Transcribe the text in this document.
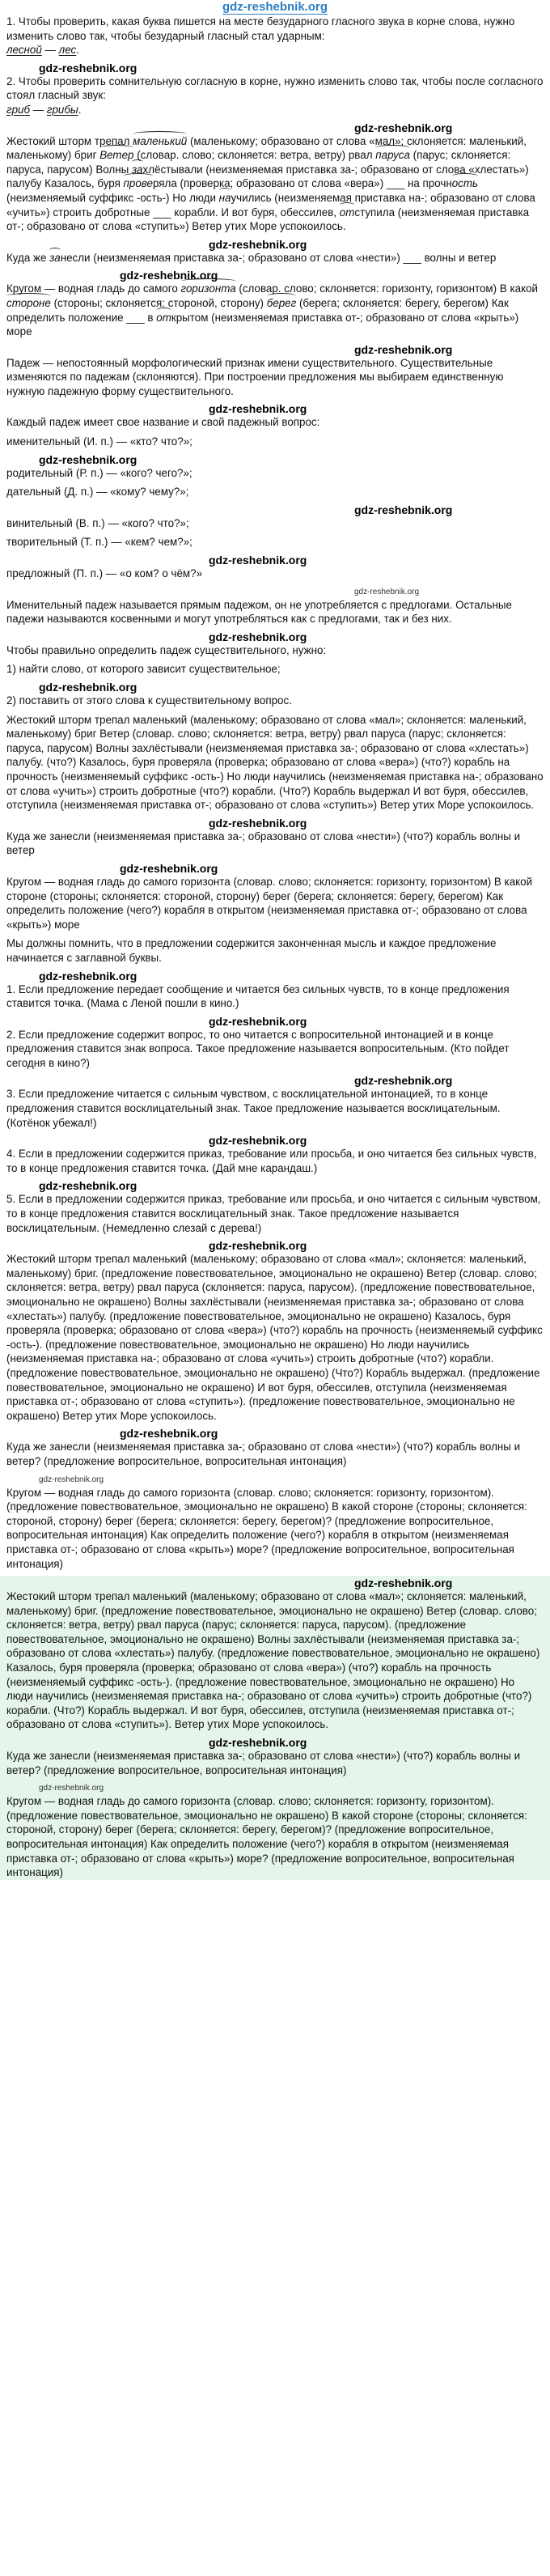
gdz-reshebnik.org
1. Чтобы проверить, какая буква пишется на месте безударного гласного звука в корне слова, нужно изменить слово так, чтобы безударный гласный стал ударным:
лесной — лес.
gdz-reshebnik.org
2. Чтобы проверить сомнительную согласную в корне, нужно изменить слово так, чтобы после согласного стоял гласный звук:
гриб — грибы.
gdz-reshebnik.org
Жестокий шторм трепал маленький (маленькому; образовано от слова «мал»; склоняется: маленький, маленькому) бриг Ветер (словар. слово; склоняется: ветра, ветру) рвал паруса (парус; склоняется: паруса, парусом) Волны захлёстывали (неизменяемая приставка за-; образовано от слова «хлестать») палубу Казалось, буря проверяла (проверка; образовано от слова «вера») ___ на прочность (неизменяемый суффикс -ость-) Но люди научились (неизменяемая приставка на-; образовано от слова «учить») строить добротные ___ корабли. И вот буря, обессилев, отступила (неизменяемая приставка от-; образовано от слова «ступить») Ветер утих Море успокоилось.
gdz-reshebnik.org
Куда же занесли (неизменяемая приставка за-; образовано от слова «нести») ___ волны и ветер
gdz-reshebnik.org
Кругом — водная гладь до самого горизонта (словар. слово; склоняется: горизонту, горизонтом) В какой стороне (стороны; склоняется: стороной, сторону) берег (берега; склоняется: берегу, берегом) Как определить положение ___ в открытом (неизменяемая приставка от-; образовано от слова «крыть») море
gdz-reshebnik.org
Падеж — непостоянный морфологический признак имени существительного. Существительные изменяются по падежам (склоняются). При построении предложения мы выбираем единственную нужную падежную форму существительного.
gdz-reshebnik.org
Каждый падеж имеет свое название и свой падежный вопрос:
именительный (И. п.) — «кто? что?»;
gdz-reshebnik.org
родительный (Р. п.) — «кого? чего?»;
дательный (Д. п.) — «кому? чему?»;
gdz-reshebnik.org
винительный (В. п.) — «кого? что?»;
творительный (Т. п.) — «кем? чем?»;
gdz-reshebnik.org
предложный (П. п.) — «о ком? о чём?»
gdz-reshebnik.org
Именительный падеж называется прямым падежом, он не употребляется с предлогами. Остальные падежи называются косвенными и могут употребляться как с предлогами, так и без них.
gdz-reshebnik.org
Чтобы правильно определить падеж существительного, нужно:
1) найти слово, от которого зависит существительное;
gdz-reshebnik.org
2) поставить от этого слова к существительному вопрос.
Жестокий шторм трепал маленький (маленькому; образовано от слова «мал»; склоняется: маленький, маленькому) бриг Ветер (словар. слово; склоняется: ветра, ветру) рвал паруса (парус; склоняется: паруса, парусом) Волны захлёстывали (неизменяемая приставка за-; образовано от слова «хлестать») палубу. (что?) Казалось, буря проверяла (проверка; образовано от слова «вера») (что?) корабль на прочность (неизменяемый суффикс -ость-) Но люди научились (неизменяемая приставка на-; образовано от слова «учить») строить добротные (что?) корабли. (Что?) Корабль выдержал И вот буря, обессилев, отступила (неизменяемая приставка от-; образовано от слова «ступить») Ветер утих Море успокоилось.
gdz-reshebnik.org
Куда же занесли (неизменяемая приставка за-; образовано от слова «нести») (что?) корабль волны и ветер
gdz-reshebnik.org
Кругом — водная гладь до самого горизонта (словар. слово; склоняется: горизонту, горизонтом) В какой стороне (стороны; склоняется: стороной, сторону) берег (берега; склоняется: берегу, берегом) Как определить положение (чего?) корабля в открытом (неизменяемая приставка от-; образовано от слова «крыть») море
Мы должны помнить, что в предложении содержится законченная мысль и каждое предложение начинается с заглавной буквы.
gdz-reshebnik.org
1. Если предложение передает сообщение и читается без сильных чувств, то в конце предложения ставится точка. (Мама с Леной пошли в кино.)
gdz-reshebnik.org
2. Если предложение содержит вопрос, то оно читается с вопросительной интонацией и в конце предложения ставится знак вопроса. Такое предложение называется вопросительным. (Кто пойдет сегодня в кино?)
gdz-reshebnik.org
3. Если предложение читается с сильным чувством, с восклицательной интонацией, то в конце предложения ставится восклицательный знак. Такое предложение называется восклицательным. (Котёнок убежал!)
gdz-reshebnik.org
4. Если в предложении содержится приказ, требование или просьба, и оно читается без сильных чувств, то в конце предложения ставится точка. (Дай мне карандаш.)
gdz-reshebnik.org
5. Если в предложении содержится приказ, требование или просьба, и оно читается с сильным чувством, то в конце предложения ставится восклицательный знак. Такое предложение называется восклицательным. (Немедленно слезай с дерева!)
gdz-reshebnik.org
Жестокий шторм трепал маленький (маленькому; образовано от слова «мал»; склоняется: маленький, маленькому) бриг. (предложение повествовательное, эмоционально не окрашено) Ветер (словар. слово; склоняется: ветра, ветру) рвал паруса (склоняется: паруса, парусом). (предложение повествовательное, эмоционально не окрашено) Волны захлёстывали (неизменяемая приставка за-; образовано от слова «хлестать») палубу. (предложение повествовательное, эмоционально не окрашено) Казалось, буря проверяла (проверка; образовано от слова «вера») (что?) корабль на прочность (неизменяемый суффикс -ость-). (предложение повествовательное, эмоционально не окрашено) Но люди научились (неизменяемая приставка на-; образовано от слова «учить») строить добротные (что?) корабли. (предложение повествовательное, эмоционально не окрашено) (Что?) Корабль выдержал. (предложение повествовательное, эмоционально не окрашено) И вот буря, обессилев, отступила (неизменяемая приставка от-; образовано от слова «ступить»). (предложение повествовательное, эмоционально не окрашено) Ветер утих Море успокоилось.
gdz-reshebnik.org
Куда же занесли (неизменяемая приставка за-; образовано от слова «нести») (что?) корабль волны и ветер? (предложение вопросительное, вопросительная интонация)
gdz-reshebnik.org
Кругом — водная гладь до самого горизонта (словар. слово; склоняется: горизонту, горизонтом). (предложение повествовательное, эмоционально не окрашено) В какой стороне (стороны; склоняется: стороной, сторону) берег (берега; склоняется: берегу, берегом)? (предложение вопросительное, вопросительная интонация) Как определить положение (чего?) корабля в открытом (неизменяемая приставка от-; образовано от слова «крыть») море? (предложение вопросительное, вопросительная интонация)
gdz-reshebnik.org
Жестокий шторм трепал маленький (маленькому; образовано от слова «мал»; склоняется: маленький, маленькому) бриг. (предложение повествовательное, эмоционально не окрашено) Ветер (словар. слово; склоняется: ветра, ветру) рвал паруса (парус; склоняется: паруса, парусом). (предложение повествовательное, эмоционально не окрашено) Волны захлёстывали (неизменяемая приставка за-; образовано от слова «хлестать») палубу. (предложение повествовательное, эмоционально не окрашено) Казалось, буря проверяла (проверка; образовано от слова «вера») (что?) корабль на прочность (неизменяемый суффикс -ость-). (предложение повествовательное, эмоционально не окрашено) Но люди научились (неизменяемая приставка на-; образовано от слова «учить») строить добротные (что?) корабли. (Что?) Корабль выдержал. И вот буря, обессилев, отступила (неизменяемая приставка от-; образовано от слова «ступить»). Ветер утих Море успокоилось.
gdz-reshebnik.org
Куда же занесли (неизменяемая приставка за-; образовано от слова «нести») (что?) корабль волны и ветер? (предложение вопросительное, вопросительная интонация)
gdz-reshebnik.org
Кругом — водная гладь до самого горизонта (словар. слово; склоняется: горизонту, горизонтом). (предложение повествовательное, эмоционально не окрашено) В какой стороне (стороны; склоняется: стороной, сторону) берег (берега; склоняется: берегу, берегом)? (предложение вопросительное, вопросительная интонация) Как определить положение (чего?) корабля в открытом (неизменяемая приставка от-; образовано от слова «крыть») море? (предложение вопросительное, вопросительная интонация)
